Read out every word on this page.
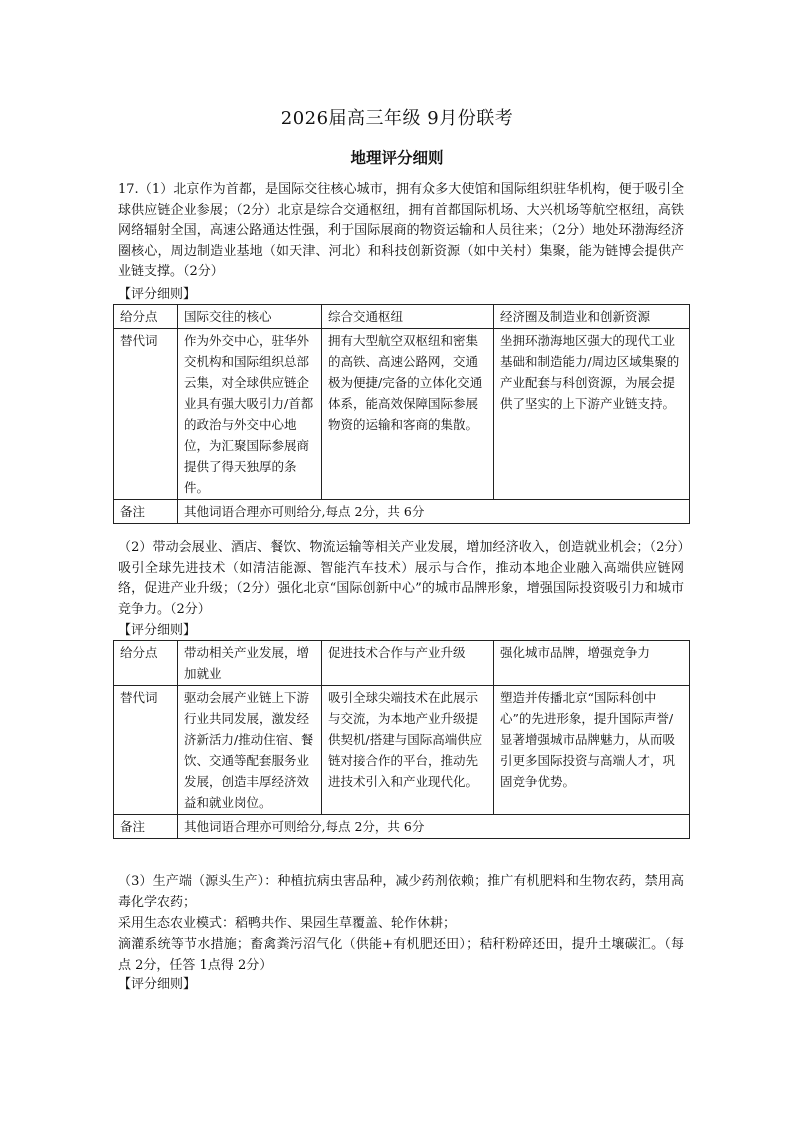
2026届高三年级 9月份联考
地理评分细则

17.（1）北京作为首都，是国际交往核心城市，拥有众多大使馆和国际组织驻华机构，便于吸引全球供应链企业参展；（2分）北京是综合交通枢纽，拥有首都国际机场、大兴机场等航空枢纽，高铁网络辐射全国，高速公路通达性强，利于国际展商的物资运输和人员往来；（2分）地处环渤海经济圈核心，周边制造业基地（如天津、河北）和科技创新资源（如中关村）集聚，能为链博会提供产业链支撑。（2分）

【评分细则】
给分点	国际交往的核心	综合交通枢纽	经济圈及制造业和创新资源
替代词	作为外交中心，驻华外交机构和国际组织总部云集，对全球供应链企业具有强大吸引力/首都的政治与外交中心地位，为汇聚国际参展商提供了得天独厚的条件。	拥有大型航空双枢纽和密集的高铁、高速公路网，交通极为便捷/完备的立体化交通体系，能高效保障国际参展物资的运输和客商的集散。	坐拥环渤海地区强大的现代工业基础和制造能力/周边区域集聚的产业配套与科创资源，为展会提供了坚实的上下游产业链支持。
备注	其他词语合理亦可则给分,每点 2分，共 6分		

（2）带动会展业、酒店、餐饮、物流运输等相关产业发展，增加经济收入，创造就业机会；（2分）吸引全球先进技术（如清洁能源、智能汽车技术）展示与合作，推动本地企业融入高端供应链网络，促进产业升级；（2分）强化北京“国际创新中心”的城市品牌形象，增强国际投资吸引力和城市竞争力。（2分）

【评分细则】
给分点	带动相关产业发展，增加就业	促进技术合作与产业升级	强化城市品牌，增强竞争力
替代词	驱动会展产业链上下游行业共同发展，激发经济新活力/推动住宿、餐饮、交通等配套服务业发展，创造丰厚经济效益和就业岗位。	吸引全球尖端技术在此展示与交流，为本地产业升级提供契机/搭建与国际高端供应链对接合作的平台，推动先进技术引入和产业现代化。	塑造并传播北京“国际科创中心”的先进形象，提升国际声誉/显著增强城市品牌魅力，从而吸引更多国际投资与高端人才，巩固竞争优势。
备注	其他词语合理亦可则给分,每点 2分，共 6分		

（3）生产端（源头生产）：种植抗病虫害品种，减少药剂依赖；推广有机肥料和生物农药，禁用高毒化学农药；

采用生态农业模式：稻鸭共作、果园生草覆盖、轮作休耕；

滴灌系统等节水措施；畜禽粪污沼气化（供能+有机肥还田）；秸秆粉碎还田，提升土壤碳汇。（每点 2分，任答 1点得 2分）

【评分细则】
